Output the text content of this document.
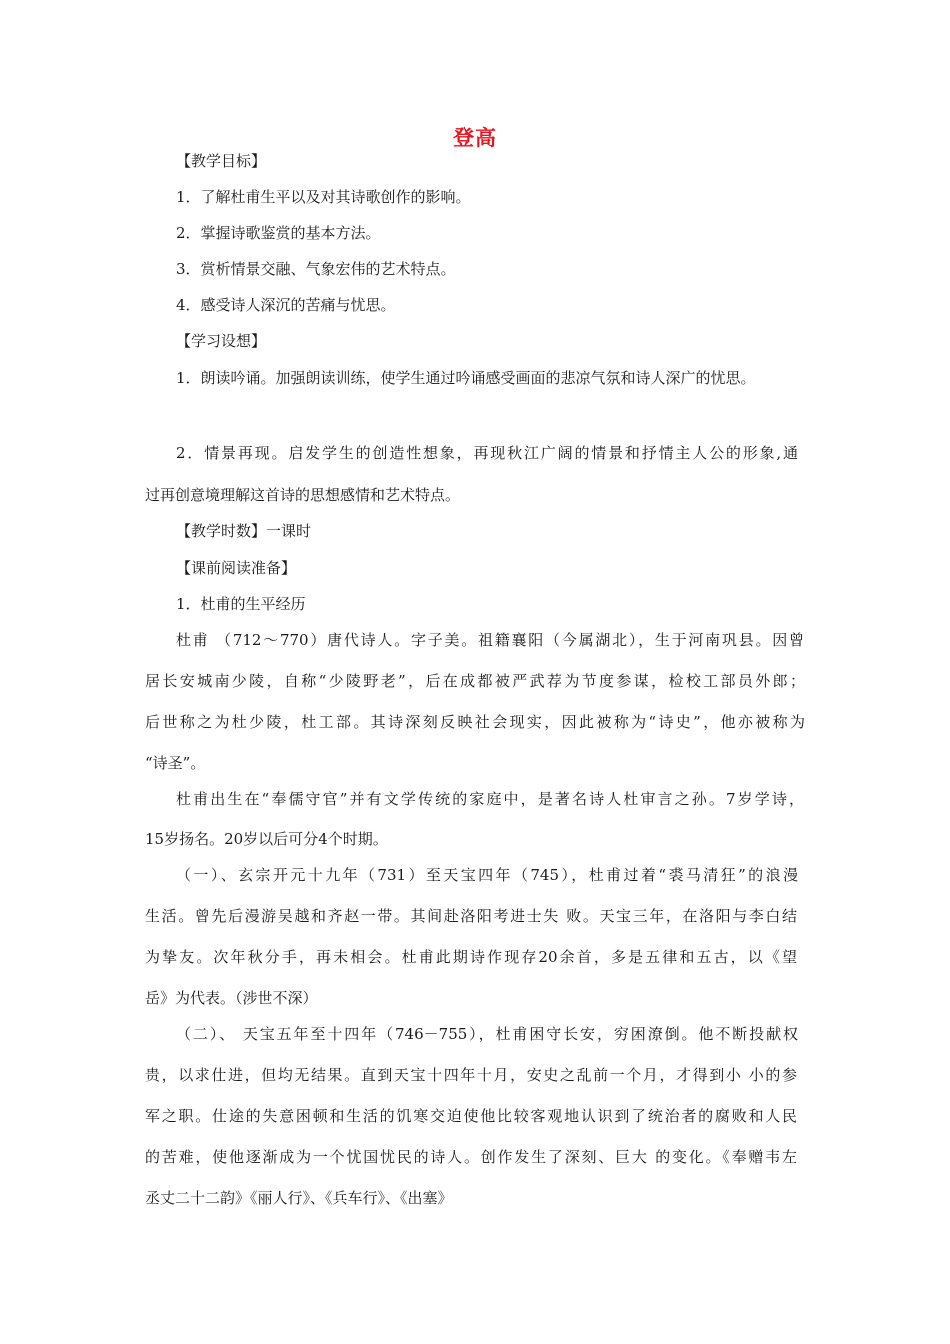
登高
【教学目标】
1．了解杜甫生平以及对其诗歌创作的影响。
2．掌握诗歌鉴赏的基本方法。
3．赏析情景交融、气象宏伟的艺术特点。
4．感受诗人深沉的苦痛与忧思。
【学习设想】
1．朗读吟诵。加强朗读训练，使学生通过吟诵感受画面的悲凉气氛和诗人深广的忧思。
2．情景再现。启发学生的创造性想象，再现秋江广阔的情景和抒情主人公的形象,通
过再创意境理解这首诗的思想感情和艺术特点。
【教学时数】一课时
【课前阅读准备】
1．杜甫的生平经历
杜甫 （712～770）唐代诗人。字子美。祖籍襄阳（今属湖北），生于河南巩县。因曾
居长安城南少陵，自称“少陵野老”，后在成都被严武荐为节度参谋，检校工部员外郎；
后世称之为杜少陵，杜工部。其诗深刻反映社会现实，因此被称为“诗史”，他亦被称为
“诗圣”。
杜甫出生在“奉儒守官”并有文学传统的家庭中，是著名诗人杜审言之孙。7岁学诗，
15岁扬名。20岁以后可分4个时期。
（一）、玄宗开元十九年（731）至天宝四年（745），杜甫过着“裘马清狂”的浪漫
生活。曾先后漫游吴越和齐赵一带。其间赴洛阳考进士失 败。天宝三年，在洛阳与李白结
为挚友。次年秋分手，再未相会。杜甫此期诗作现存20余首，多是五律和五古，以《望
岳》为代表。（涉世不深）
（二）、 天宝五年至十四年（746－755），杜甫困守长安，穷困潦倒。他不断投献权
贵，以求仕进，但均无结果。直到天宝十四年十月，安史之乱前一个月，才得到小 小的参
军之职。仕途的失意困顿和生活的饥寒交迫使他比较客观地认识到了统治者的腐败和人民
的苦难，使他逐渐成为一个忧国忧民的诗人。创作发生了深刻、巨大 的变化。《奉赠韦左
丞丈二十二韵》《丽人行》、《兵车行》、《出塞》
